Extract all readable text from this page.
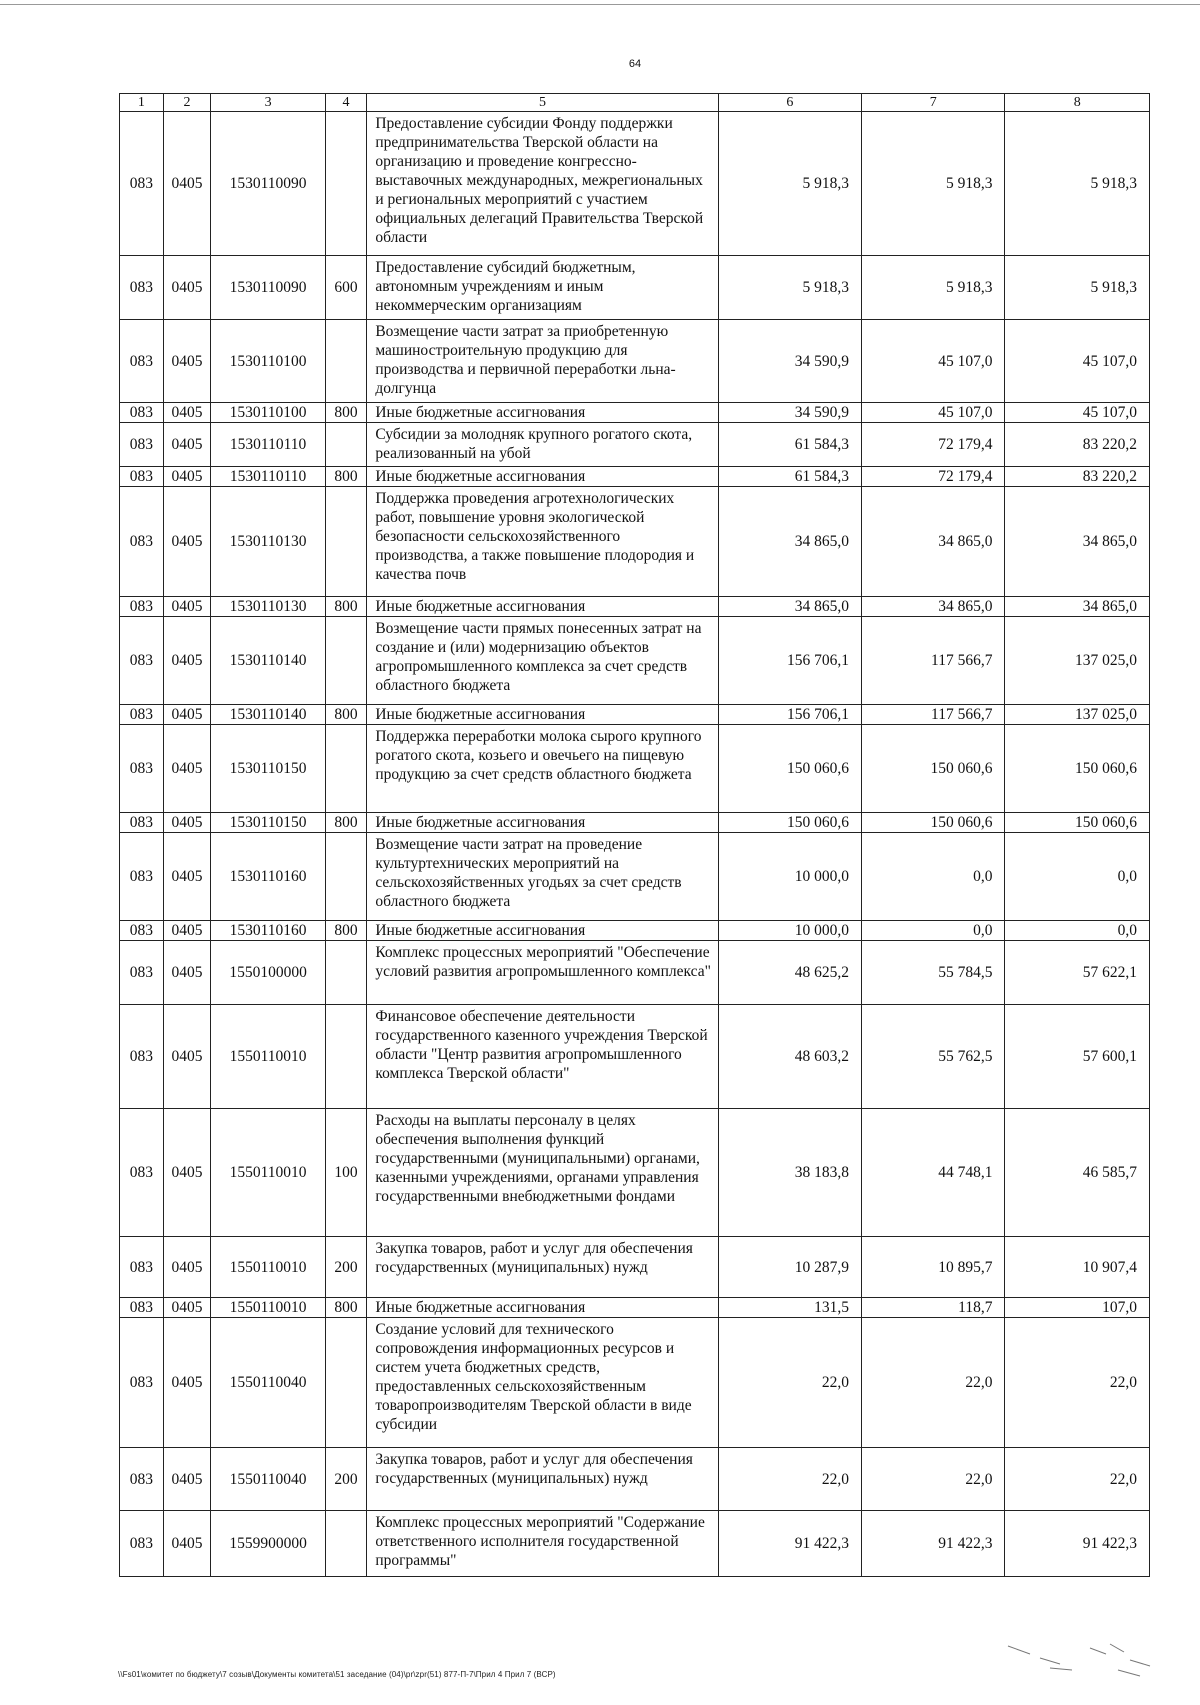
64
1	2	3	4	5	6	7	8
083	0405	1530110090		Предоставление субсидии Фонду поддержки предпринимательства Тверской области на организацию и проведение конгрессно-выставочных международных, межрегиональных и региональных мероприятий с участием официальных делегаций Правительства Тверской области	5 918,3	5 918,3	5 918,3
083	0405	1530110090	600	Предоставление субсидий бюджетным, автономным учреждениям и иным некоммерческим организациям	5 918,3	5 918,3	5 918,3
083	0405	1530110100		Возмещение части затрат за приобретенную машиностроительную продукцию для производства и первичной переработки льна-долгунца	34 590,9	45 107,0	45 107,0
083	0405	1530110100	800	Иные бюджетные ассигнования	34 590,9	45 107,0	45 107,0
083	0405	1530110110		Субсидии за молодняк крупного рогатого скота, реализованный на убой	61 584,3	72 179,4	83 220,2
083	0405	1530110110	800	Иные бюджетные ассигнования	61 584,3	72 179,4	83 220,2
083	0405	1530110130		Поддержка проведения агротехнологических работ, повышение уровня экологической безопасности сельскохозяйственного производства, а также повышение плодородия и качества почв	34 865,0	34 865,0	34 865,0
083	0405	1530110130	800	Иные бюджетные ассигнования	34 865,0	34 865,0	34 865,0
083	0405	1530110140		Возмещение части прямых понесенных затрат на создание и (или) модернизацию объектов агропромышленного комплекса за счет средств областного бюджета	156 706,1	117 566,7	137 025,0
083	0405	1530110140	800	Иные бюджетные ассигнования	156 706,1	117 566,7	137 025,0
083	0405	1530110150		Поддержка переработки молока сырого крупного рогатого скота, козьего и овечьего на пищевую продукцию за счет средств областного бюджета	150 060,6	150 060,6	150 060,6
083	0405	1530110150	800	Иные бюджетные ассигнования	150 060,6	150 060,6	150 060,6
083	0405	1530110160		Возмещение части затрат на проведение культуртехнических мероприятий на сельскохозяйственных угодьях за счет средств областного бюджета	10 000,0	0,0	0,0
083	0405	1530110160	800	Иные бюджетные ассигнования	10 000,0	0,0	0,0
083	0405	1550100000		Комплекс процессных мероприятий "Обеспечение условий развития агропромышленного комплекса"	48 625,2	55 784,5	57 622,1
083	0405	1550110010		Финансовое обеспечение деятельности государственного казенного учреждения Тверской области "Центр развития агропромышленного комплекса Тверской области"	48 603,2	55 762,5	57 600,1
083	0405	1550110010	100	Расходы на выплаты персоналу в целях обеспечения выполнения функций государственными (муниципальными) органами, казенными учреждениями, органами управления государственными внебюджетными фондами	38 183,8	44 748,1	46 585,7
083	0405	1550110010	200	Закупка товаров, работ и услуг для обеспечения государственных (муниципальных) нужд	10 287,9	10 895,7	10 907,4
083	0405	1550110010	800	Иные бюджетные ассигнования	131,5	118,7	107,0
083	0405	1550110040		Создание условий для технического сопровождения информационных ресурсов и систем учета бюджетных средств, предоставленных сельскохозяйственным товаропроизводителям Тверской области в виде субсидии	22,0	22,0	22,0
083	0405	1550110040	200	Закупка товаров, работ и услуг для обеспечения государственных (муниципальных) нужд	22,0	22,0	22,0
083	0405	1559900000		Комплекс процессных мероприятий "Содержание ответственного исполнителя государственной программы"	91 422,3	91 422,3	91 422,3
\\Fs01\комитет по бюджету\7 созыв\Документы комитета\51 заседание (04)\pr\zpr(51) 877-П-7\Прил 4 Прил 7 (ВСР)
